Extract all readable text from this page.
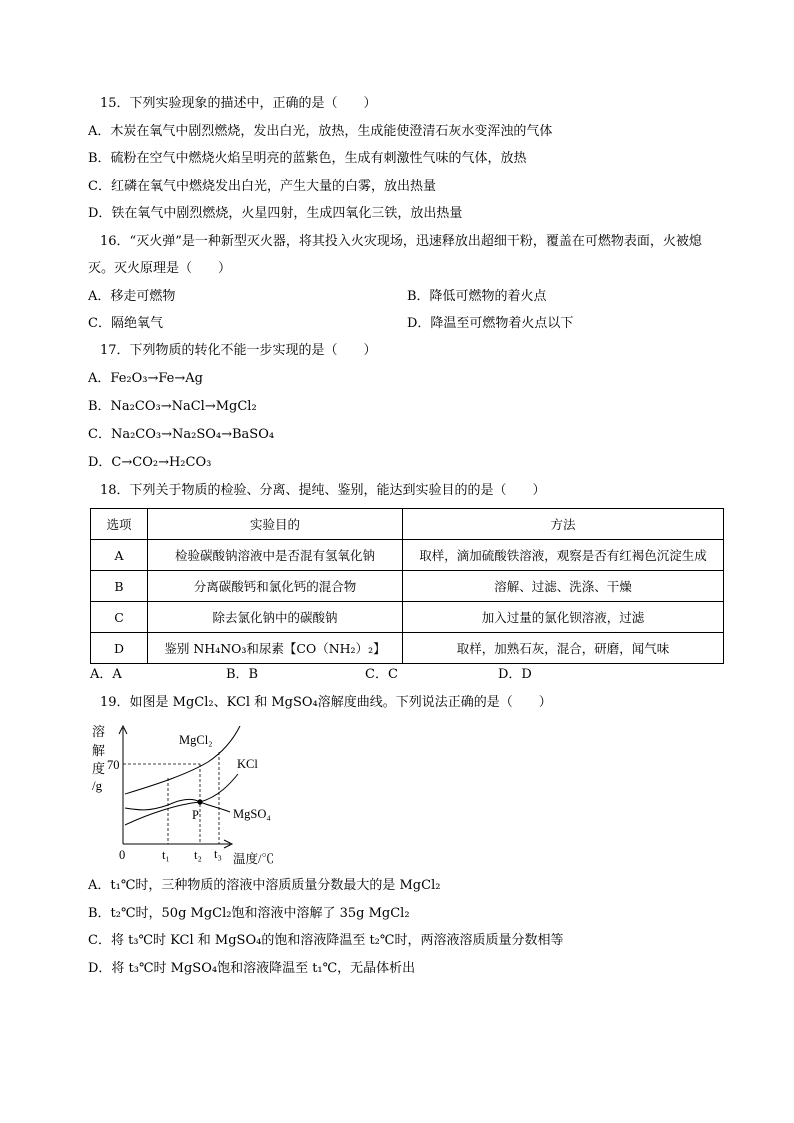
15．下列实验现象的描述中，正确的是（　　）
A．木炭在氧气中剧烈燃烧，发出白光，放热，生成能使澄清石灰水变浑浊的气体
B．硫粉在空气中燃烧火焰呈明亮的蓝紫色，生成有刺激性气味的气体，放热
C．红磷在氧气中燃烧发出白光，产生大量的白雾，放出热量
D．铁在氧气中剧烈燃烧，火星四射，生成四氧化三铁，放出热量
16．“灭火弹”是一种新型灭火器，将其投入火灾现场，迅速释放出超细干粉，覆盖在可燃物表面，火被熄
灭。灭火原理是（　　）
A．移走可燃物	B．降低可燃物的着火点
C．隔绝氧气	D．降温至可燃物着火点以下
17．下列物质的转化不能一步实现的是（　　）
A．Fe₂O₃→Fe→Ag
B．Na₂CO₃→NaCl→MgCl₂
C．Na₂CO₃→Na₂SO₄→BaSO₄
D．C→CO₂→H₂CO₃
18．下列关于物质的检验、分离、提纯、鉴别，能达到实验目的的是（　　）
选项	实验目的	方法
A	检验碳酸钠溶液中是否混有氢氧化钠	取样，滴加硫酸铁溶液，观察是否有红褐色沉淀生成
B	分离碳酸钙和氯化钙的混合物	溶解、过滤、洗涤、干燥
C	除去氯化钠中的碳酸钠	加入过量的氯化钡溶液，过滤
D	鉴别 NH₄NO₃和尿素【CO（NH₂）₂】	取样，加熟石灰，混合，研磨，闻气味
A．A	B．B	C．C	D．D
19．如图是 MgCl₂、KCl 和 MgSO₄溶解度曲线。下列说法正确的是（　　）
溶
解
度
/g
MgCl₂
KCl
MgSO₄
P
70
0	t₁ t₂ t₃ 温度/℃
A．t₁℃时，三种物质的溶液中溶质质量分数最大的是 MgCl₂
B．t₂℃时，50g MgCl₂饱和溶液中溶解了 35g MgCl₂
C．将 t₃℃时 KCl 和 MgSO₄的饱和溶液降温至 t₂℃时，两溶液溶质质量分数相等
D．将 t₃℃时 MgSO₄饱和溶液降温至 t₁℃，无晶体析出
